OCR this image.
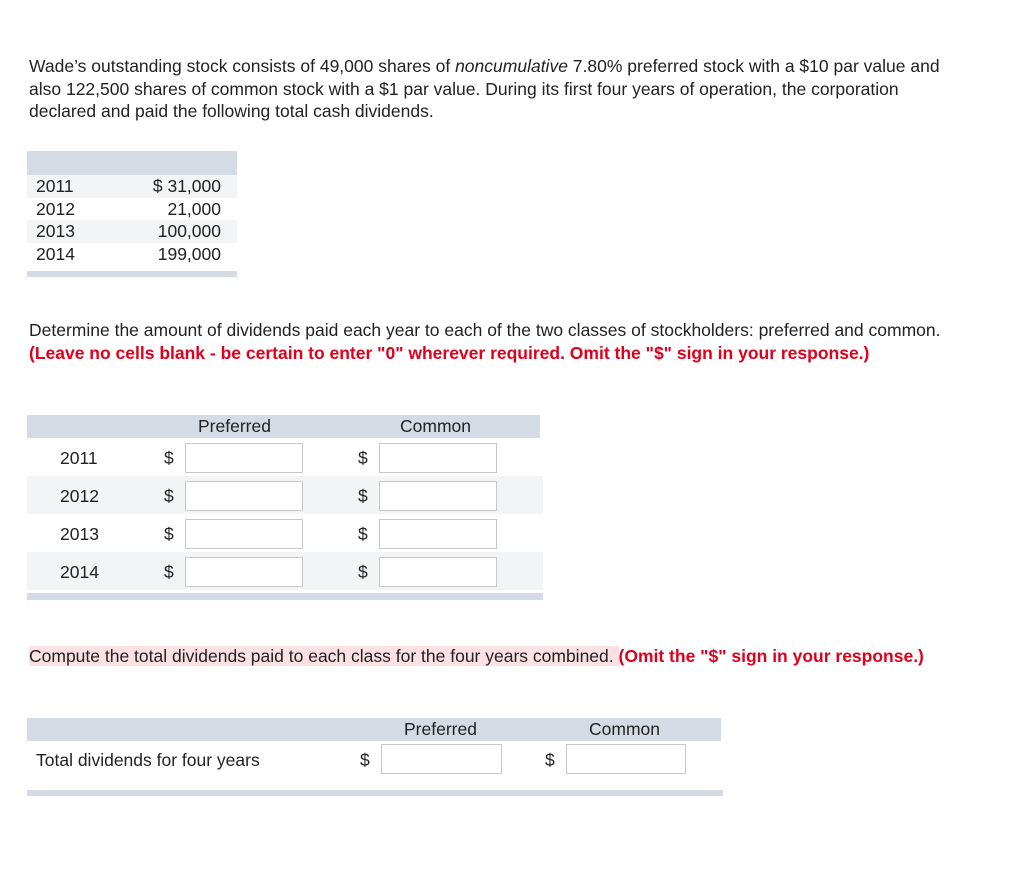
Wade’s outstanding stock consists of 49,000 shares of noncumulative 7.80% preferred stock with a $10 par value and also 122,500 shares of common stock with a $1 par value. During its first four years of operation, the corporation declared and paid the following total cash dividends.
2011	$ 31,000
2012	21,000
2013	100,000
2014	199,000
Determine the amount of dividends paid each year to each of the two classes of stockholders: preferred and common. (Leave no cells blank - be certain to enter "0" wherever required. Omit the "$" sign in your response.)
Preferred	Common
2011	$	$
2012	$	$
2013	$	$
2014	$	$
Compute the total dividends paid to each class for the four years combined. (Omit the "$" sign in your response.)
Preferred	Common
Total dividends for four years	$	$
